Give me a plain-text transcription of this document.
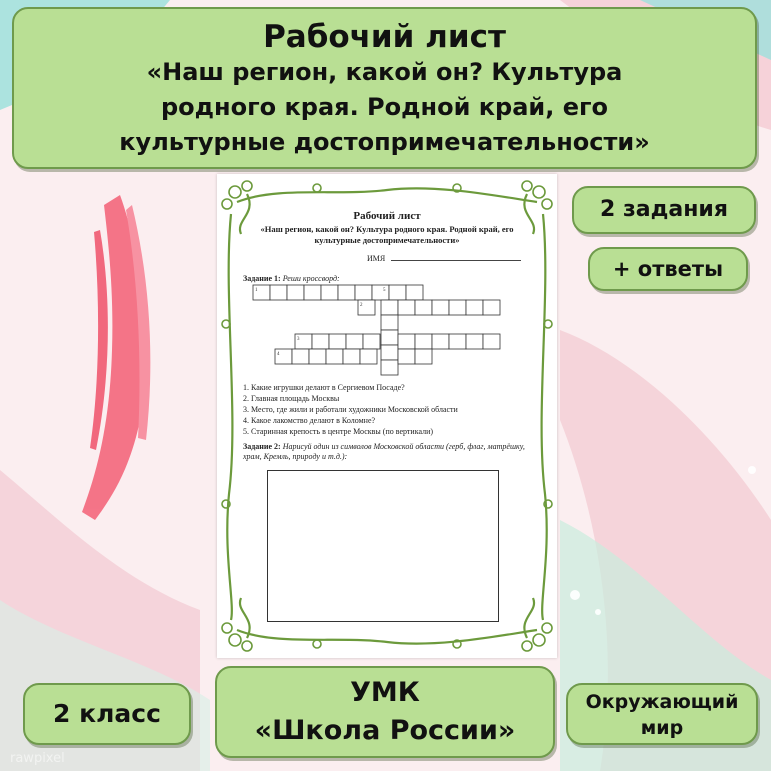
rawpixel
Рабочий лист
«Наш регион, какой он? Культура
родного края. Родной край, его
культурные достопримечательности»
Рабочий лист
«Наш регион, какой он? Культура родного края. Родной край, его культурные достопримечательности»
ИМЯ
Задание 1: Реши кроссворд:
1
2
3
4
5
1. Какие игрушки делают в Сергиевом Посаде?
2. Главная площадь Москвы
3. Место, где жили и работали художники Московской области
4. Какое лакомство делают в Коломне?
5. Старинная крепость в центре Москвы (по вертикали)
Задание 2: Нарисуй один из символов Московской области (герб, флаг, матрёшку, храм, Кремль, природу и т.д.):
2 задания
+ ответы
2 класс
УМК
«Школа России»
Окружающий
мир
